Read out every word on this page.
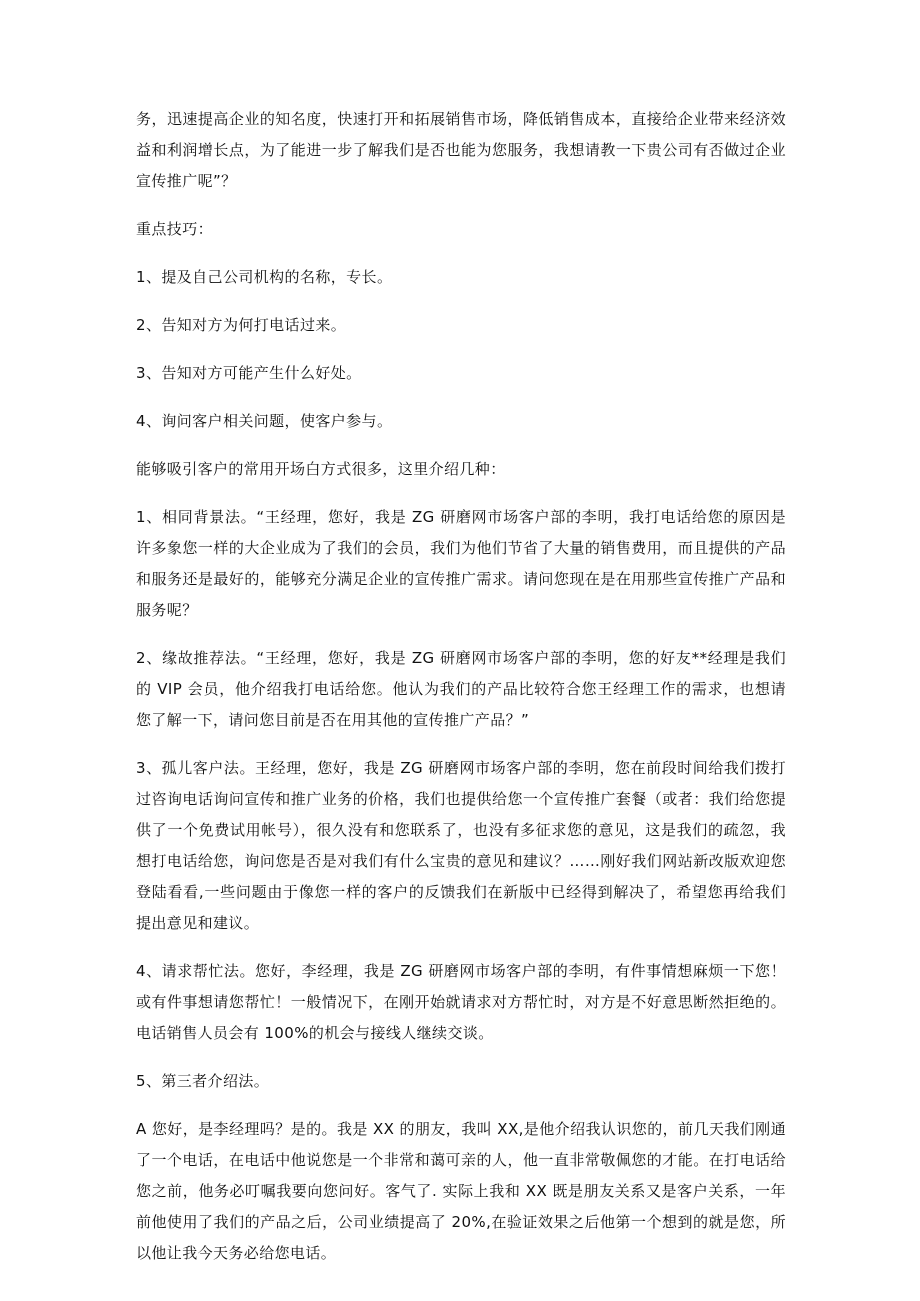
务，迅速提高企业的知名度，快速打开和拓展销售市场，降低销售成本，直接给企业带来经济效益和利润增长点，为了能进一步了解我们是否也能为您服务，我想请教一下贵公司有否做过企业宣传推广呢”？

重点技巧：

1、提及自己公司机构的名称，专长。

2、告知对方为何打电话过来。

3、告知对方可能产生什么好处。

4、询问客户相关问题，使客户参与。

能够吸引客户的常用开场白方式很多，这里介绍几种：

1、相同背景法。“王经理，您好，我是 ZG 研磨网市场客户部的李明，我打电话给您的原因是许多象您一样的大企业成为了我们的会员，我们为他们节省了大量的销售费用，而且提供的产品和服务还是最好的，能够充分满足企业的宣传推广需求。请问您现在是在用那些宣传推广产品和服务呢？

2、缘故推荐法。“王经理，您好，我是 ZG 研磨网市场客户部的李明，您的好友**经理是我们的 VIP 会员，他介绍我打电话给您。他认为我们的产品比较符合您王经理工作的需求，也想请您了解一下，请问您目前是否在用其他的宣传推广产品？”

3、孤儿客户法。王经理，您好，我是 ZG 研磨网市场客户部的李明，您在前段时间给我们拨打过咨询电话询问宣传和推广业务的价格，我们也提供给您一个宣传推广套餐（或者：我们给您提供了一个免费试用帐号），很久没有和您联系了，也没有多征求您的意见，这是我们的疏忽，我想打电话给您，询问您是否是对我们有什么宝贵的意见和建议？……刚好我们网站新改版欢迎您登陆看看,一些问题由于像您一样的客户的反馈我们在新版中已经得到解决了，希望您再给我们提出意见和建议。

4、请求帮忙法。您好，李经理，我是 ZG 研磨网市场客户部的李明，有件事情想麻烦一下您！或有件事想请您帮忙！一般情况下，在刚开始就请求对方帮忙时，对方是不好意思断然拒绝的。电话销售人员会有 100%的机会与接线人继续交谈。

5、第三者介绍法。

A 您好，是李经理吗？是的。我是 XX 的朋友，我叫 XX,是他介绍我认识您的，前几天我们刚通了一个电话，在电话中他说您是一个非常和蔼可亲的人，他一直非常敬佩您的才能。在打电话给您之前，他务必叮嘱我要向您问好。客气了. 实际上我和 XX 既是朋友关系又是客户关系，一年前他使用了我们的产品之后，公司业绩提高了 20%,在验证效果之后他第一个想到的就是您，所以他让我今天务必给您电话。
